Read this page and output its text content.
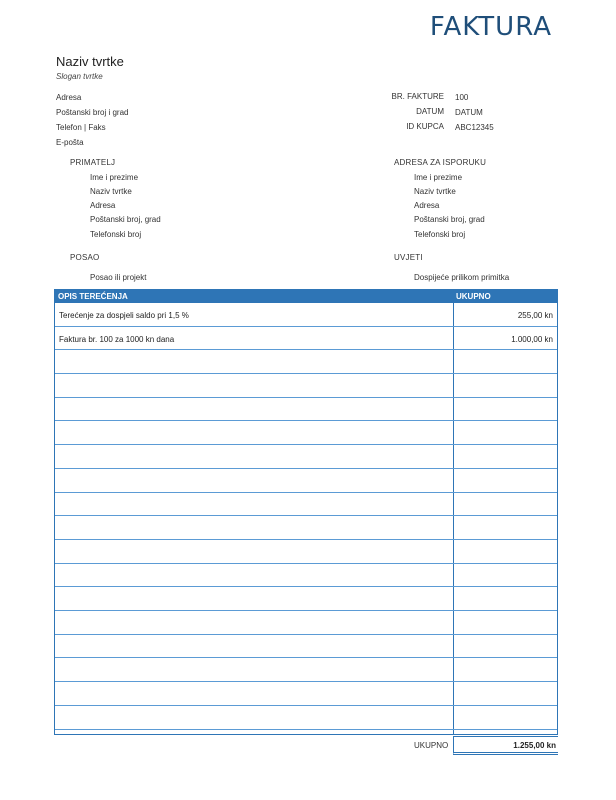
FAKTURA
Naziv tvrtke
Slogan tvrtke
Adresa
Poštanski broj i grad
Telefon | Faks
E-pošta
BR. FAKTURE 100
DATUM DATUM
ID KUPCA ABC12345
PRIMATELJ
Ime i prezime
Naziv tvrtke
Adresa
Poštanski broj, grad
Telefonski broj
ADRESA ZA ISPORUKU
Ime i prezime
Naziv tvrtke
Adresa
Poštanski broj, grad
Telefonski broj
POSAO
Posao ili projekt
UVJETI
Dospijeće prilikom primitka
OPIS TEREĆENJA	UKUPNO
Terećenje za dospjeli saldo pri 1,5 %	255,00 kn
Faktura br. 100 za 1000 kn dana	1.000,00 kn
UKUPNO	1.255,00 kn
